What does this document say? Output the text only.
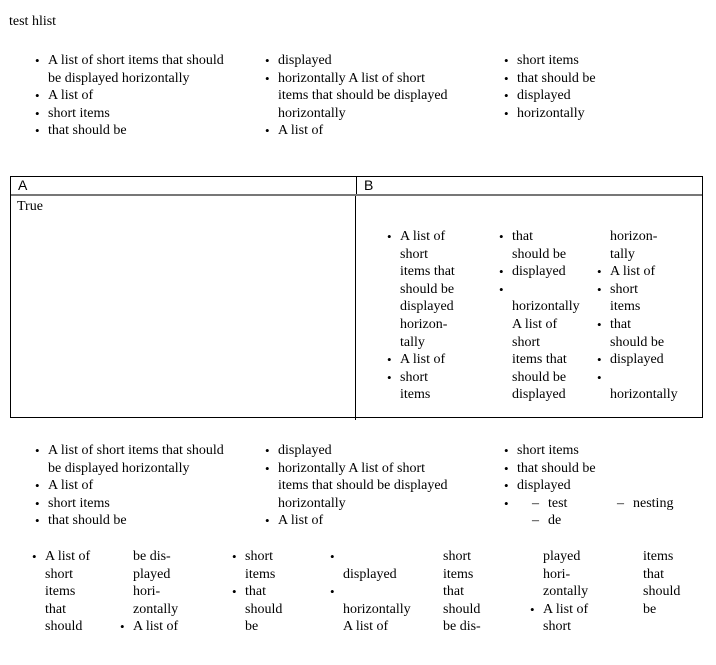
test hlist
• A list of short items that should
be displayed horizontally
• A list of
• short items
• that should be
• displayed
• horizontally A list of short
items that should be displayed
horizontally
• A list of
• short items
• that should be
• displayed
• horizontally
• A list of short items that should
be displayed horizontally
• A list of
• short items
• that should be
• displayed
• horizontally A list of short
items that should be displayed
horizontally
• A list of
• short items
• that should be
• displayed
• – test
– de
– nesting
• A list of
short
items
that
should
be dis-
played
hori-
zontally
• A list of
• short
items
• that
should
be
•
displayed
•
horizontally
A list of
short
items
that
should
be dis-
played
hori-
zontally
• A list of
short
items
that
should
be
A	B
True
• A list of
short
items that
should be
displayed
horizon-
tally
• A list of
• short
items
• that
should be
• displayed
•
horizontally
A list of
short
items that
should be
displayed
horizon-
tally
• A list of
• short
items
• that
should be
• displayed
•
horizontally
